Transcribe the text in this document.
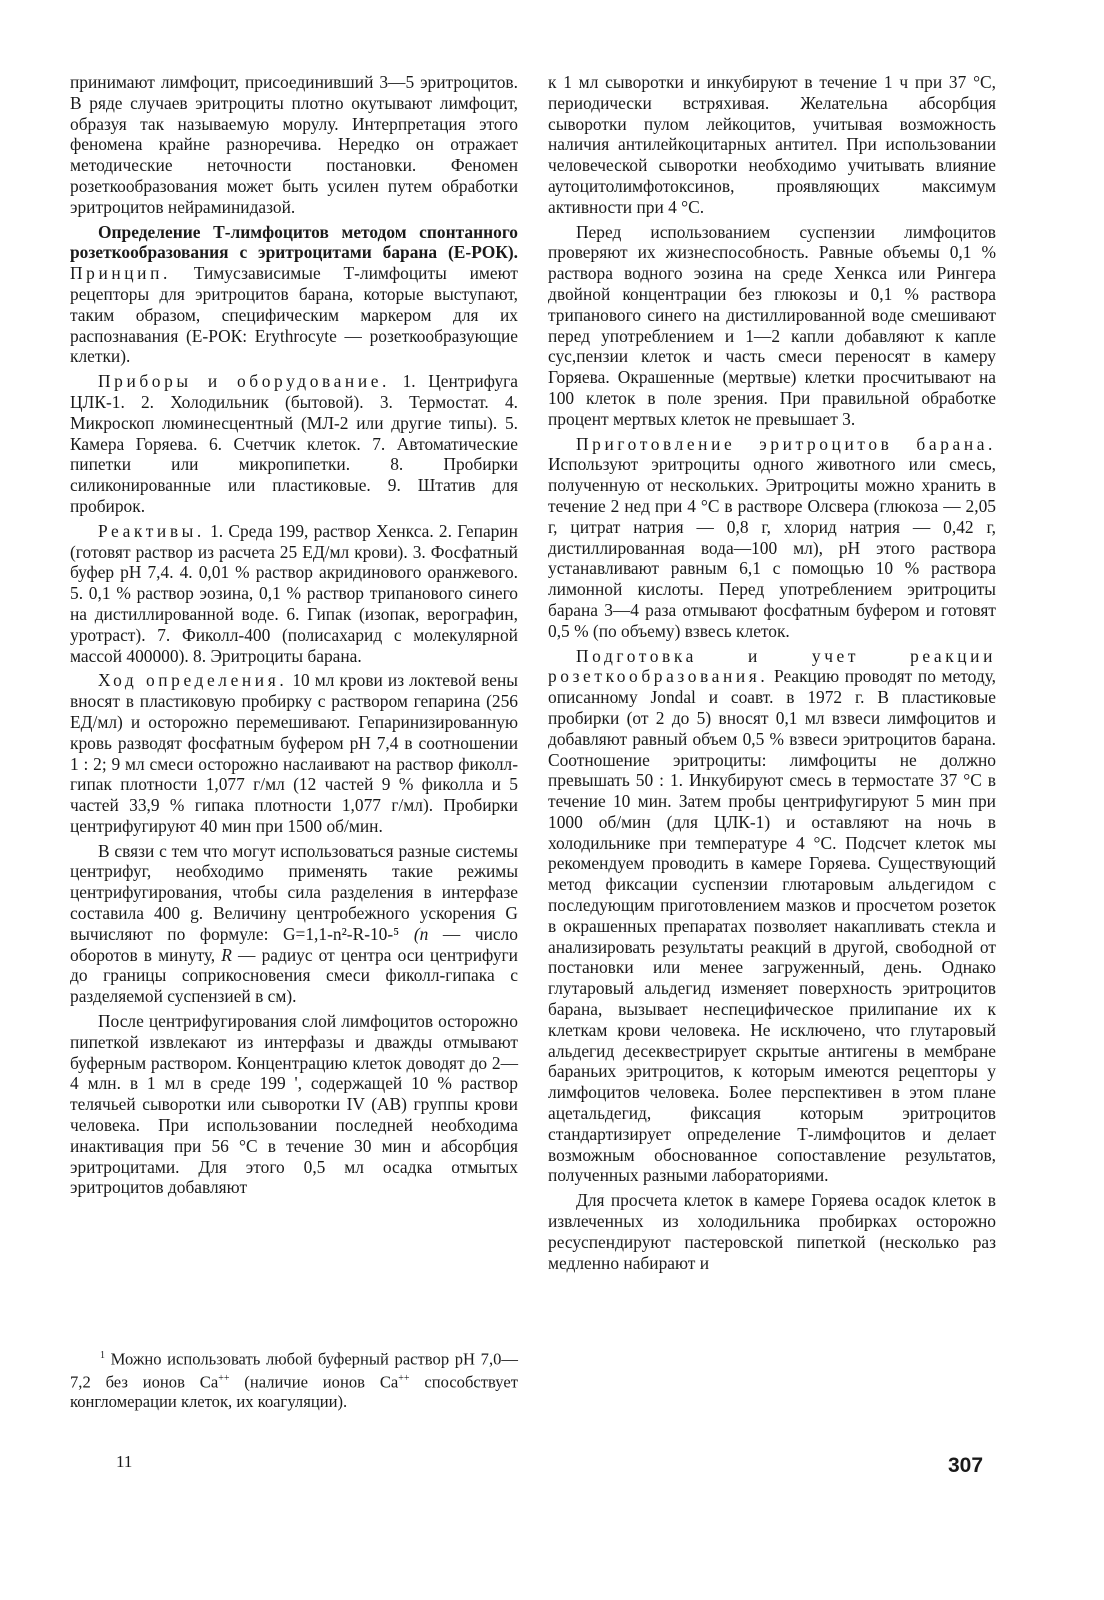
принимают лимфоцит, присоединивший 3—5 эритроцитов. В ряде случаев эритроциты плотно окутывают лимфоцит, образуя так называемую морулу. Интерпретация этого феномена крайне разноречива. Нередко он отражает методические неточности постановки. Феномен розеткообразования может быть усилен путем обработки эритроцитов нейраминидазой.

Определение Т-лимфоцитов методом спонтанного розеткообразования с эритроцитами барана (Е-РОК). Принцип. Тимусзависимые Т-лимфоциты имеют рецепторы для эритроцитов барана, которые выступают, таким образом, специфическим маркером для их распознавания (Е-РОК: Erythrocyte — розеткообразующие клетки).

Приборы и оборудование. 1. Центрифуга ЦЛК-1. 2. Холодильник (бытовой). 3. Термостат. 4. Микроскоп люминесцентный (МЛ-2 или другие типы). 5. Камера Горяева. 6. Счетчик клеток. 7. Автоматические пипетки или микропипетки. 8. Пробирки силиконированные или пластиковые. 9. Штатив для пробирок.

Реактивы. 1. Среда 199, раствор Хенкса. 2. Гепарин (готовят раствор из расчета 25 ЕД/мл крови). 3. Фосфатный буфер pH 7,4. 4. 0,01 % раствор акридинового оранжевого. 5. 0,1 % раствор эозина, 0,1 % раствор трипанового синего на дистиллированной воде. 6. Гипак (изопак, верографин, уротраст). 7. Фиколл-400 (полисахарид с молекулярной массой 400000). 8. Эритроциты барана.

Ход определения. 10 мл крови из локтевой вены вносят в пластиковую пробирку с раствором гепарина (256 ЕД/мл) и осторожно перемешивают. Гепаринизированную кровь разводят фосфатным буфером pH 7,4 в соотношении 1 : 2; 9 мл смеси осторожно наслаивают на раствор фиколл-гипак плотности 1,077 г/мл (12 частей 9 % фиколла и 5 частей 33,9 % гипака плотности 1,077 г/мл). Пробирки центрифугируют 40 мин при 1500 об/мин.

В связи с тем что могут использоваться разные системы центрифуг, необходимо применять такие режимы центрифугирования, чтобы сила разделения в интерфазе составила 400 g. Величину центробежного ускорения G вычисляют по формуле: G=1,1-n²-R-10-⁵ (n — число оборотов в минуту, R — радиус от центра оси центрифуги до границы соприкосновения смеси фиколл-гипака с разделяемой суспензией в см).

После центрифугирования слой лимфоцитов осторожно пипеткой извлекают из интерфазы и дважды отмывают буферным раствором. Концентрацию клеток доводят до 2—4 млн. в 1 мл в среде 199 ', содержащей 10 % раствор телячьей сыворотки или сыворотки IV (АВ) группы крови человека. При использовании последней необходима инактивация при 56 °С в течение 30 мин и абсорбция эритроцитами. Для этого 0,5 мл осадка отмытых эритроцитов добавляют

$^1$ Можно использовать любой буферный раствор pH 7,0—7,2 без ионов Са++ (наличие ионов Са++ способствует конгломерации клеток, их коагуляции).

к 1 мл сыворотки и инкубируют в течение 1 ч при 37 °С, периодически встряхивая. Желательна абсорбция сыворотки пулом лейкоцитов, учитывая возможность наличия антилейкоцитарных антител. При использовании человеческой сыворотки необходимо учитывать влияние аутоцитолимфотоксинов, проявляющих максимум активности при 4 °С.

Перед использованием суспензии лимфоцитов проверяют их жизнеспособность. Равные объемы 0,1 % раствора водного эозина на среде Хенкса или Рингера двойной концентрации без глюкозы и 0,1 % раствора трипанового синего на дистиллированной воде смешивают перед употреблением и 1—2 капли добавляют к капле сус,пензии клеток и часть смеси переносят в камеру Горяева. Окрашенные (мертвые) клетки просчитывают на 100 клеток в поле зрения. При правильной обработке процент мертвых клеток не превышает 3.

Приготовление эритроцитов барана. Используют эритроциты одного животного или смесь, полученную от нескольких. Эритроциты можно хранить в течение 2 нед при 4 °С в растворе Олсвера (глюкоза — 2,05 г, цитрат натрия — 0,8 г, хлорид натрия — 0,42 г, дистиллированная вода—100 мл), pH этого раствора устанавливают равным 6,1 с помощью 10 % раствора лимонной кислоты. Перед употреблением эритроциты барана 3—4 раза отмывают фосфатным буфером и готовят 0,5 % (по объему) взвесь клеток.

Подготовка и учет реакции розеткообразования. Реакцию проводят по методу, описанному Jondal и соавт. в 1972 г. В пластиковые пробирки (от 2 до 5) вносят 0,1 мл взвеси лимфоцитов и добавляют равный объем 0,5 % взвеси эритроцитов барана. Соотношение эритроциты: лимфоциты не должно превышать 50 : 1. Инкубируют смесь в термостате 37 °С в течение 10 мин. Затем пробы центрифугируют 5 мин при 1000 об/мин (для ЦЛК-1) и оставляют на ночь в холодильнике при температуре 4 °С. Подсчет клеток мы рекомендуем проводить в камере Горяева. Существующий метод фиксации суспензии глютаровым альдегидом с последующим приготовлением мазков и просчетом розеток в окрашенных препаратах позволяет накапливать стекла и анализировать результаты реакций в другой, свободной от постановки или менее загруженный, день. Однако глутаровый альдегид изменяет поверхность эритроцитов барана, вызывает неспецифическое прилипание их к клеткам крови человека. Не исключено, что глутаровый альдегид десеквестрирует скрытые антигены в мембране бараньих эритроцитов, к которым имеются рецепторы у лимфоцитов человека. Более перспективен в этом плане ацетальдегид, фиксация которым эритроцитов стандартизирует определение Т-лимфоцитов и делает возможным обоснованное сопоставление результатов, полученных разными лабораториями.

Для просчета клеток в камере Горяева осадок клеток в извлеченных из холодильника пробирках осторожно ресуспендируют пастеровской пипеткой (несколько раз медленно набирают и

11	307
